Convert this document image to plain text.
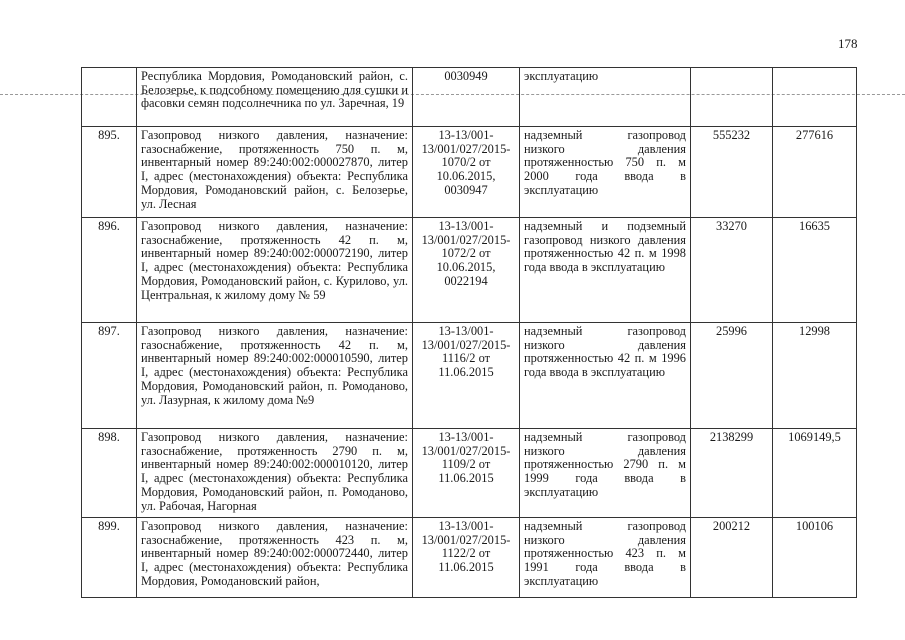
178
	Республика Мордовия, Ромодановский район, с. Белозерье, к подсобному помещению для сушки и фасовки семян подсолнечника по ул. Заречная, 19	0030949	эксплуатацию		
895.	Газопровод низкого давления, назначение: газоснабжение, протяженность 750 п. м, инвентарный номер 89:240:002:000027870, литер I, адрес (местонахождения) объекта: Республика Мордовия, Ромодановский район, с. Белозерье, ул. Лесная	13-13/001-13/001/027/2015-1070/2 от 10.06.2015, 0030947	надземный газопровод низкого давления протяженностью 750 п. м 2000 года ввода в эксплуатацию	555232	277616
896.	Газопровод низкого давления, назначение: газоснабжение, протяженность 42 п. м, инвентарный номер 89:240:002:000072190, литер I, адрес (местонахождения) объекта: Республика Мордовия, Ромодановский район, с. Курилово, ул. Центральная, к жилому дому № 59	13-13/001-13/001/027/2015-1072/2 от 10.06.2015, 0022194	надземный и подземный газопровод низкого давления протяженностью 42 п. м 1998 года ввода в эксплуатацию	33270	16635
897.	Газопровод низкого давления, назначение: газоснабжение, протяженность 42 п. м, инвентарный номер 89:240:002:000010590, литер I, адрес (местонахождения) объекта: Республика Мордовия, Ромодановский район, п. Ромоданово, ул. Лазурная, к жилому дома №9	13-13/001-13/001/027/2015-1116/2 от 11.06.2015	надземный газопровод низкого давления протяженностью 42 п. м 1996 года ввода в эксплуатацию	25996	12998
898.	Газопровод низкого давления, назначение: газоснабжение, протяженность 2790 п. м, инвентарный номер 89:240:002:000010120, литер I, адрес (местонахождения) объекта: Республика Мордовия, Ромодановский район, п. Ромоданово, ул. Рабочая, Нагорная	13-13/001-13/001/027/2015-1109/2 от 11.06.2015	надземный газопровод низкого давления протяженностью 2790 п. м 1999 года ввода в эксплуатацию	2138299	1069149,5
899.	Газопровод низкого давления, назначение: газоснабжение, протяженность 423 п. м, инвентарный номер 89:240:002:000072440, литер I, адрес (местонахождения) объекта: Республика Мордовия, Ромодановский район,	13-13/001-13/001/027/2015-1122/2 от 11.06.2015	надземный газопровод низкого давления протяженностью 423 п. м 1991 года ввода в эксплуатацию	200212	100106
